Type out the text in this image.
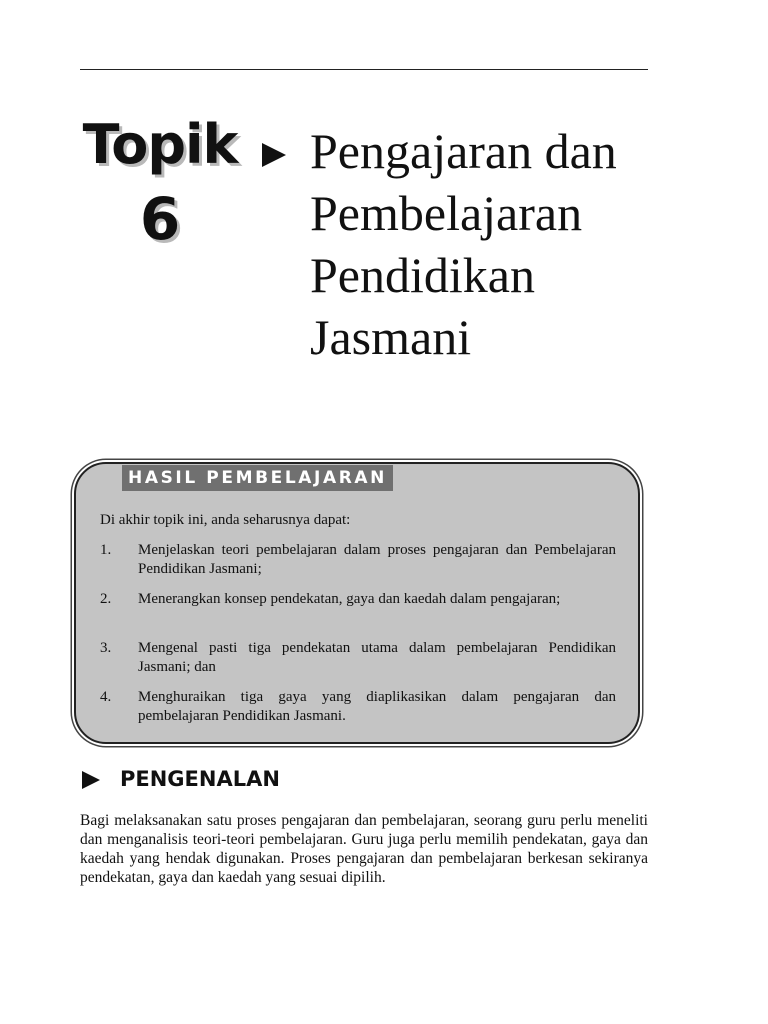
Topik
6
Pengajaran dan Pembelajaran Pendidikan Jasmani
HASIL PEMBELAJARAN
Di akhir topik ini, anda seharusnya dapat:
1.	Menjelaskan teori pembelajaran dalam proses pengajaran dan Pembelajaran Pendidikan Jasmani;
2.	Menerangkan konsep pendekatan, gaya dan kaedah dalam pengajaran;
3.	Mengenal pasti tiga pendekatan utama dalam pembelajaran Pendidikan Jasmani; dan
4.	Menghuraikan tiga gaya yang diaplikasikan dalam pengajaran dan pembelajaran Pendidikan Jasmani.
PENGENALAN

Bagi melaksanakan satu proses pengajaran dan pembelajaran, seorang guru perlu meneliti dan menganalisis teori-teori pembelajaran. Guru juga perlu memilih pendekatan, gaya dan kaedah yang hendak digunakan. Proses pengajaran dan pembelajaran berkesan sekiranya pendekatan, gaya dan kaedah yang sesuai dipilih.
